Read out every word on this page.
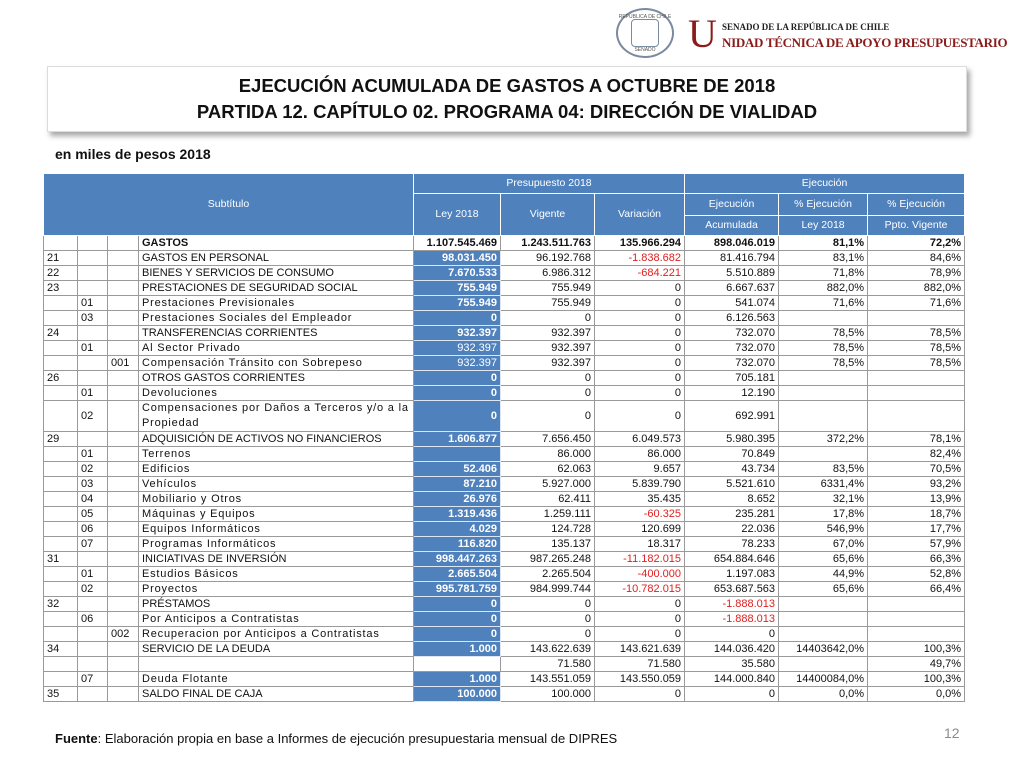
REPÚBLICA DE CHILE
SENADO U SENADO DE LA REPÚBLICA DE CHILE
NIDAD TÉCNICA DE APOYO PRESUPUESTARIO
EJECUCIÓN ACUMULADA DE GASTOS A OCTUBRE DE 2018
PARTIDA 12. CAPÍTULO 02. PROGRAMA 04: DIRECCIÓN DE VIALIDAD
en miles de pesos 2018
Subtítulo				Presupuesto 2018			Ejecución		
				Ley 2018	Vigente	Variación	Ejecución	% Ejecución	% Ejecución
							Acumulada	Ley 2018	Ppto. Vigente
			GASTOS	1.107.545.469	1.243.511.763	135.966.294	898.046.019	81,1%	72,2%
21			GASTOS EN PERSONAL	98.031.450	96.192.768	-1.838.682	81.416.794	83,1%	84,6%
22			BIENES Y SERVICIOS DE CONSUMO	7.670.533	6.986.312	-684.221	5.510.889	71,8%	78,9%
23			PRESTACIONES DE SEGURIDAD SOCIAL	755.949	755.949	0	6.667.637	882,0%	882,0%
	01		Prestaciones Previsionales	755.949	755.949	0	541.074	71,6%	71,6%
	03		Prestaciones Sociales del Empleador	0	0	0	6.126.563		
24			TRANSFERENCIAS CORRIENTES	932.397	932.397	0	732.070	78,5%	78,5%
	01		Al Sector Privado	932.397	932.397	0	732.070	78,5%	78,5%
		001	Compensación Tránsito con Sobrepeso	932.397	932.397	0	732.070	78,5%	78,5%
26			OTROS GASTOS CORRIENTES	0	0	0	705.181		
	01		Devoluciones	0	0	0	12.190		
	02		Compensaciones por Daños a Terceros y/o a la Propiedad	0	0	0	692.991		
29			ADQUISICIÓN DE ACTIVOS NO FINANCIEROS	1.606.877	7.656.450	6.049.573	5.980.395	372,2%	78,1%
	01		Terrenos		86.000	86.000	70.849		82,4%
	02		Edificios	52.406	62.063	9.657	43.734	83,5%	70,5%
	03		Vehículos	87.210	5.927.000	5.839.790	5.521.610	6331,4%	93,2%
	04		Mobiliario y Otros	26.976	62.411	35.435	8.652	32,1%	13,9%
	05		Máquinas y Equipos	1.319.436	1.259.111	-60.325	235.281	17,8%	18,7%
	06		Equipos Informáticos	4.029	124.728	120.699	22.036	546,9%	17,7%
	07		Programas Informáticos	116.820	135.137	18.317	78.233	67,0%	57,9%
31			INICIATIVAS DE INVERSIÓN	998.447.263	987.265.248	-11.182.015	654.884.646	65,6%	66,3%
	01		Estudios Básicos	2.665.504	2.265.504	-400.000	1.197.083	44,9%	52,8%
	02		Proyectos	995.781.759	984.999.744	-10.782.015	653.687.563	65,6%	66,4%
32			PRÉSTAMOS	0	0	0	-1.888.013		
	06		Por Anticipos a Contratistas	0	0	0	-1.888.013		
		002	Recuperacion por Anticipos a Contratistas	0	0	0	0		
34			SERVICIO DE LA DEUDA	1.000	143.622.639	143.621.639	144.036.420	14403642,0%	100,3%
					71.580	71.580	35.580		49,7%
	07		Deuda Flotante	1.000	143.551.059	143.550.059	144.000.840	14400084,0%	100,3%
35			SALDO FINAL DE CAJA	100.000	100.000	0	0	0,0%	0,0%
Fuente: Elaboración propia en base a Informes de ejecución presupuestaria mensual de DIPRES	12
